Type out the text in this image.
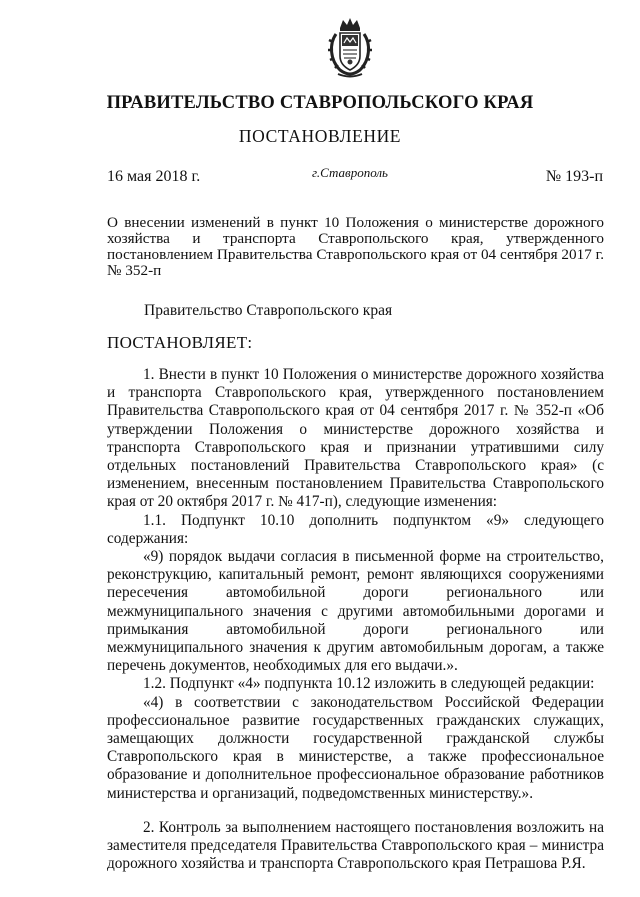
ПРАВИТЕЛЬСТВО СТАВРОПОЛЬСКОГО КРАЯ
ПОСТАНОВЛЕНИЕ
16 мая 2018 г.	г.Ставрополь	№ 193-п
О внесении изменений в пункт 10 Положения о министерстве дорожного хозяйства и транспорта Ставропольского края, утвержденного постановлением Правительства Ставропольского края от 04 сентября 2017 г. № 352-п
Правительство Ставропольского края
ПОСТАНОВЛЯЕТ:

1. Внести в пункт 10 Положения о министерстве дорожного хозяйства и транспорта Ставропольского края, утвержденного постановлением Правительства Ставропольского края от 04 сентября 2017 г. № 352-п «Об утверждении Положения о министерстве дорожного хозяйства и транспорта Ставропольского края и признании утратившими силу отдельных постановлений Правительства Ставропольского края» (с изменением, внесенным постановлением Правительства Ставропольского края от 20 октября 2017 г. № 417-п), следующие изменения:

1.1. Подпункт 10.10 дополнить подпунктом «9» следующего содержания:

«9) порядок выдачи согласия в письменной форме на строительство, реконструкцию, капитальный ремонт, ремонт являющихся сооружениями пересечения автомобильной дороги регионального или межмуниципального значения с другими автомобильными дорогами и примыкания автомобильной дороги регионального или межмуниципального значения к другим автомобильным дорогам, а также перечень документов, необходимых для его выдачи.».

1.2. Подпункт «4» подпункта 10.12 изложить в следующей редакции:

«4) в соответствии с законодательством Российской Федерации профессиональное развитие государственных гражданских служащих, замещающих должности государственной гражданской службы Ставропольского края в министерстве, а также профессиональное образование и дополнительное профессиональное образование работников министерства и организаций, подведомственных министерству.».

2. Контроль за выполнением настоящего постановления возложить на заместителя председателя Правительства Ставропольского края – министра дорожного хозяйства и транспорта Ставропольского края Петрашова Р.Я.
